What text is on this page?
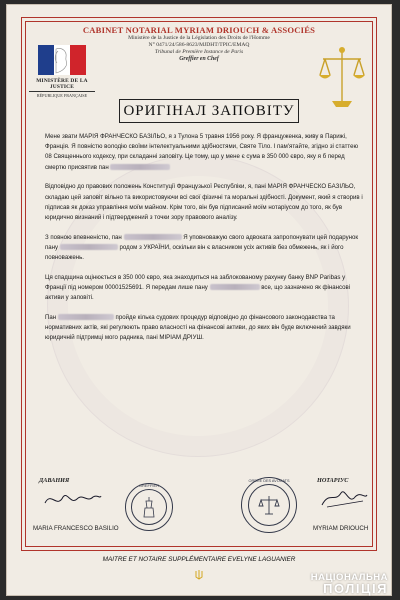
CABINET NOTARIAL MYRIAM DRIOUCH & ASSOCIÉS
Ministère de la Justice de la Législation des Droits de l'Homme
N° 0471/24/586-8623/MJDHT/TPIC/EMAQ
Tribunal de Première Instance de Paris
Greffier en Chef
MINISTÈRE DE LA JUSTICE
RÉPUBLIQUE FRANÇAISE
ОРИГІНАЛ ЗАПОВІТУ

Мене звати МАРІЯ ФРАНЧЕСКО БАЗІЛЬО, я з Тулона 5 травня 1956 року. Я француженка, живу в Парижі, Франція. Я повністю володію своїми інтелектуальними здібностями, Святе Тіло. І пам'ятайте, згідно зі статтею 08 Священнього кодексу, при складанні заповіту. Це тому, що у мене є сума в 350 000 євро, яку я б перед смертю присвятив пан

Відповідно до правових положень Конституції Французької Республіки, я, пані МАРІЯ ФРАНЧЕСКО БАЗІЛЬО, складаю цей заповіт вільно та використовуючи всі свої фізичні та моральні здібності. Документ, який я створив і підписав як доказ управління моїм майном. Крім того, він був підписаний моїм нотаріусом до того, як був юридично визнаний і підтверджений з точки зору правового аналізу.

З повною впевненістю, пан	Я уповноважую свого адвоката запропонувати цей подарунок пану	родом з УКРАЇНИ, оскільки він є власником усіх активів без обмежень, як і його повноважень.

Ця спадщина оцінюється в 350 000 євро, яка знаходиться на заблокованому рахунку банку BNP Paribas у Франції під номером 00001525691. Я передам лише пану	все, що зазначено як фінансові активи у заповіті.

Пан	пройде кілька судових процедур відповідно до фінансового законодавства та нормативних актів, які регулюють право власності на фінансові активи, до яких він буде включений завдяки юридичній підтримці мого радника, пані МІРІАМ ДРІУШ.

ДАВАНИЯ	НОТАРІУС
GREFFIER
ORDRE DES AVOCATS
MARIA FRANCESCO BASILIO	MYRIAM DRIOUCH
MAITRE ET NOTAIRE SUPPLÉMENTAIRE EVELYNE LAGUANIER
НАЦІОНАЛЬНА
ПОЛІЦІЯ
